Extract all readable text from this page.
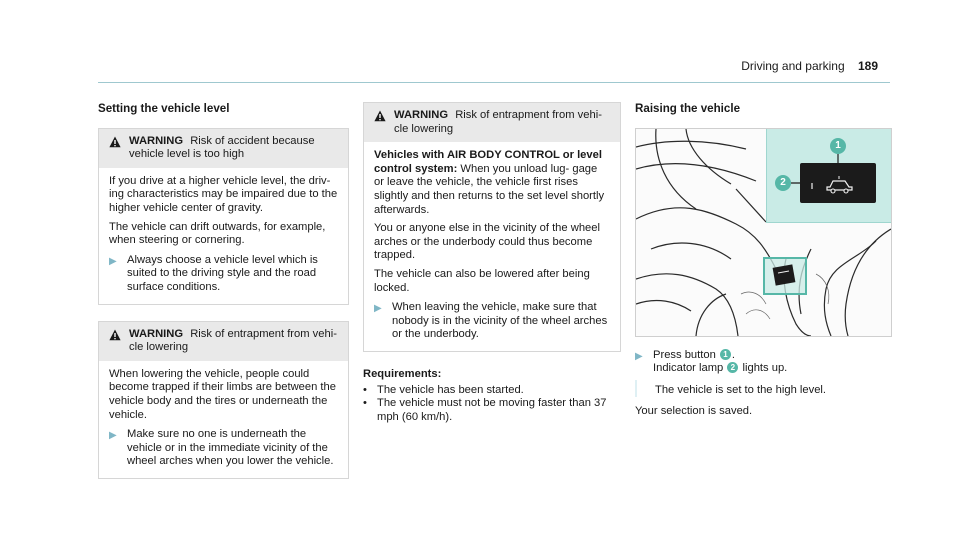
Driving and parking 189
Setting the vehicle level
WARNING Risk of accident because vehicle level is too high

If you drive at a higher vehicle level, the driv- ing characteristics may be impaired due to the higher vehicle center of gravity.

The vehicle can drift outwards, for example, when steering or cornering.

▶ Always choose a vehicle level which is suited to the driving style and the road surface conditions.
WARNING Risk of entrapment from vehi- cle lowering

When lowering the vehicle, people could become trapped if their limbs are between the vehicle body and the tires or underneath the vehicle.

▶ Make sure no one is underneath the vehicle or in the immediate vicinity of the wheel arches when you lower the vehicle.
WARNING Risk of entrapment from vehi- cle lowering

Vehicles with AIR BODY CONTROL or level control system: When you unload lug- gage or leave the vehicle, the vehicle first rises slightly and then returns to the set level shortly afterwards.

You or anyone else in the vicinity of the wheel arches or the underbody could thus become trapped.

The vehicle can also be lowered after being locked.

▶ When leaving the vehicle, make sure that nobody is in the vicinity of the wheel arches or the underbody.
Requirements:
• The vehicle has been started.
• The vehicle must not be moving faster than 37 mph (60 km/h).
Raising the vehicle
1
2
▶ Press button 1 .
Indicator lamp 2 lights up.
The vehicle is set to the high level.
Your selection is saved.
